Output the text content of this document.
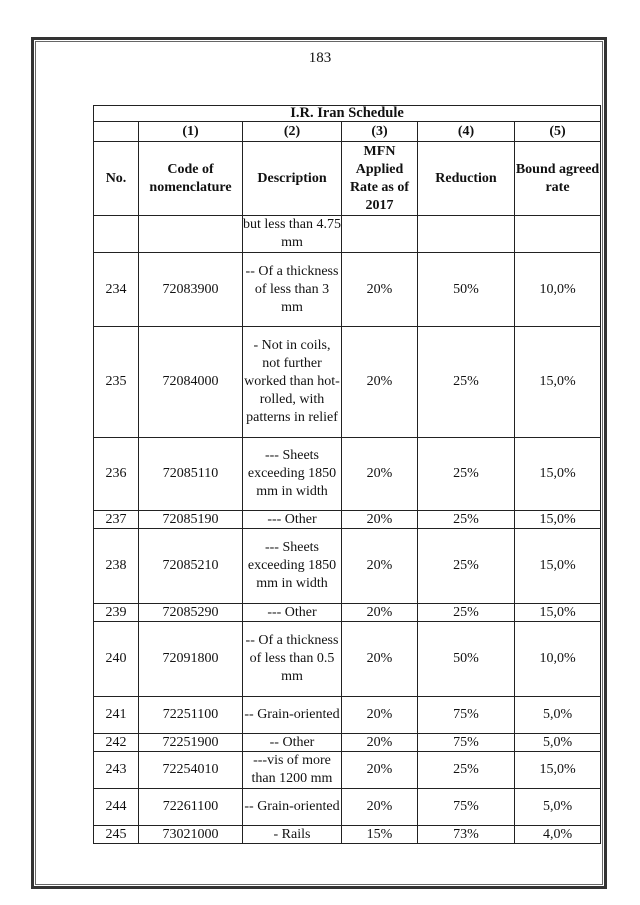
183
I.R. Iran Schedule					
	(1)	(2)	(3)	(4)	(5)
No.	Code of nomenclature	Description	MFN Applied Rate as of 2017	Reduction	Bound agreed rate
		but less than 4.75 mm			
234	72083900	-- Of a thickness of less than 3 mm	20%	50%	10,0%
235	72084000	- Not in coils, not further worked than hot-rolled, with patterns in relief	20%	25%	15,0%
236	72085110	--- Sheets exceeding 1850 mm in width	20%	25%	15,0%
237	72085190	--- Other	20%	25%	15,0%
238	72085210	--- Sheets exceeding 1850 mm in width	20%	25%	15,0%
239	72085290	--- Other	20%	25%	15,0%
240	72091800	-- Of a thickness of less than 0.5 mm	20%	50%	10,0%
241	72251100	-- Grain-oriented	20%	75%	5,0%
242	72251900	-- Other	20%	75%	5,0%
243	72254010	---vis of more than 1200 mm	20%	25%	15,0%
244	72261100	-- Grain-oriented	20%	75%	5,0%
245	73021000	- Rails	15%	73%	4,0%
